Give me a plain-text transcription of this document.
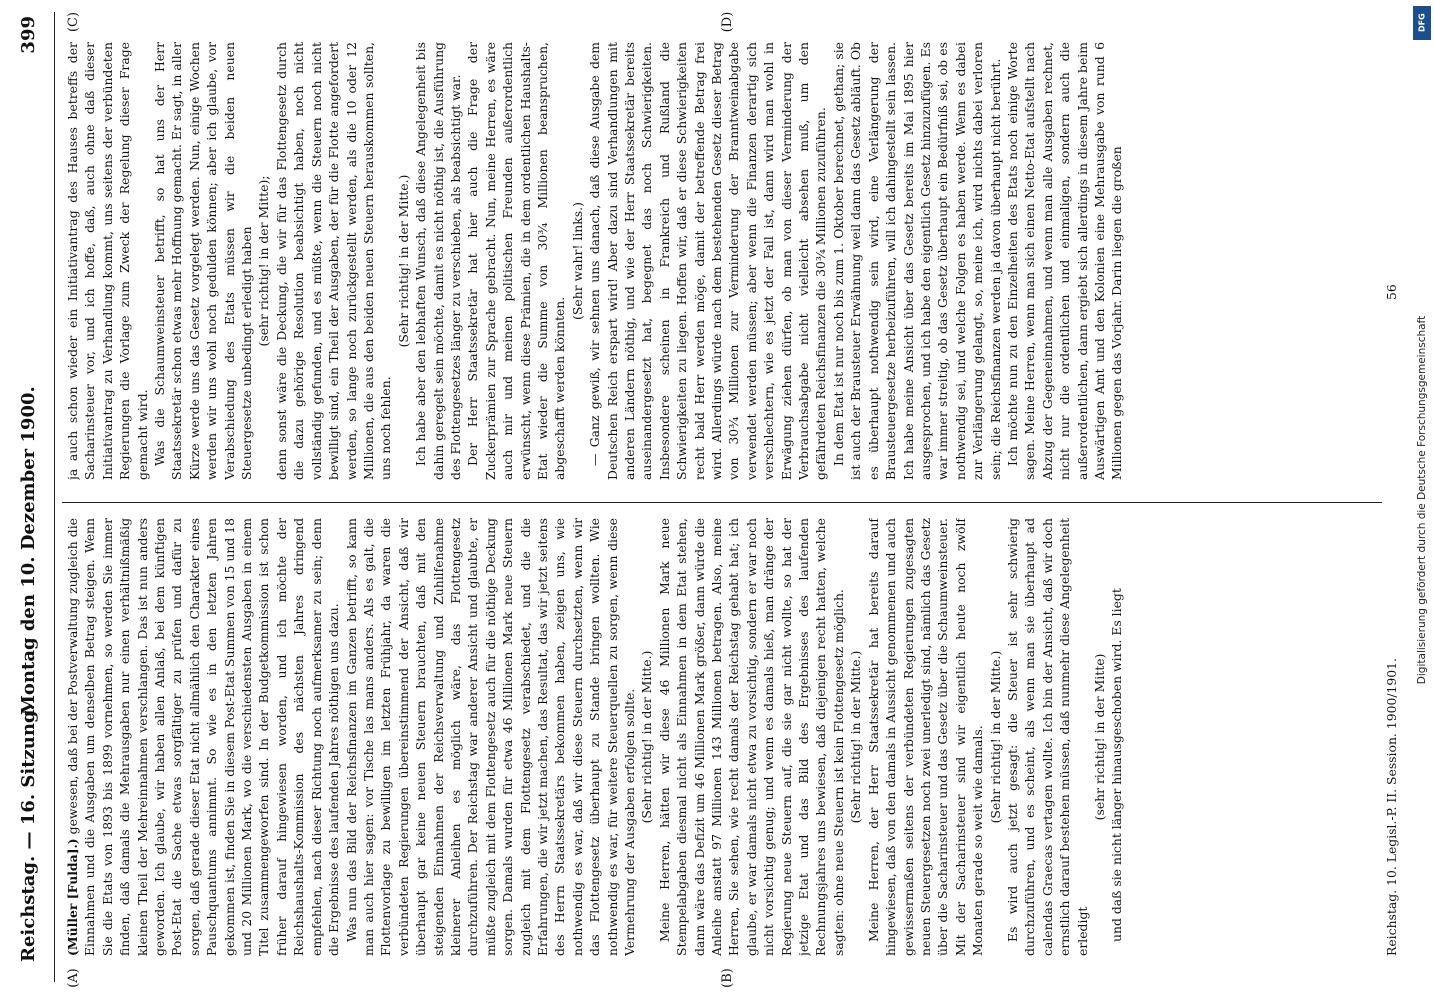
Reichstag. — 16. Sitzung.
Montag den 10. Dezember 1900.
399
(A)	(B)
(C)	(D)

(Müller [Fulda].) gewesen, daß bei der Postverwaltung zugleich die Einnahmen und die Ausgaben um denselben Betrag steigen. Wenn Sie die Etats von 1893 bis 1899 vornehmen, so werden Sie immer finden, daß damals die Mehrausgaben nur einen verhältnißmäßig kleinen Theil der Mehreinnahmen verschlangen. Das ist nun anders geworden. Ich glaube, wir haben allen Anlaß, bei dem künftigen Post-Etat die Sache etwas sorgfältiger zu prüfen und dafür zu sorgen, daß gerade dieser Etat nicht allmählich den Charakter eines Pauschquantums annimmt. So wie es in den letzten Jahren gekommen ist, finden Sie in diesem Post-Etat Summen von 15 und 18 und 20 Millionen Mark, wo die verschiedensten Ausgaben in einem Titel zusammengeworfen sind. In der Budgetkommission ist schon früher darauf hingewiesen worden, und ich möchte der Reichshaushalts-Kommission des nächsten Jahres dringend empfehlen, nach dieser Richtung noch aufmerksamer zu sein; denn die Ergebnisse des laufenden Jahres nöthigen uns dazu. Was nun das Bild der Reichsfinanzen im Ganzen betrifft, so kann man auch hier sagen: vor Tische las mans anders. Als es galt, die Flottenvorlage zu bewilligen im letzten Frühjahr, da waren die verbündeten Regierungen übereinstimmend der Ansicht, daß wir überhaupt gar keine neuen Steuern brauchten, daß mit den steigenden Einnahmen der Reichsverwaltung und Zuhilfenahme kleinerer Anleihen es möglich wäre, das Flottengesetz durchzuführen. Der Reichstag war anderer Ansicht und glaubte, er müßte zugleich mit dem Flottengesetz auch für die nöthige Deckung sorgen. Damals wurden für etwa 46 Millionen Mark neue Steuern zugleich mit dem Flottengesetz verabschiedet, und die die Erfahrungen, die wir jetzt machen, das Resultat, das wir jetzt seitens des Herrn Staatssekretärs bekommen haben, zeigen uns, wie nothwendig es war, daß wir diese Steuern durchsetzten, wenn wir das Flottengesetz überhaupt zu Stande bringen wollten. Wie nothwendig es war, für weitere Steuerquellen zu sorgen, wenn diese Vermehrung der Ausgaben erfolgen sollte. (Sehr richtig! in der Mitte.) Meine Herren, hätten wir diese 46 Millionen Mark neue Stempelabgaben diesmal nicht als Einnahmen in dem Etat stehen, dann wäre das Defizit um 46 Millionen Mark größer, dann würde die Anleihe anstatt 97 Millionen 143 Millionen betragen. Also, meine Herren, Sie sehen, wie recht damals der Reichstag gehabt hat; ich glaube, er war damals nicht etwa zu vorsichtig, sondern er war noch nicht vorsichtig genug; und wenn es damals hieß, man dränge der Regierung neue Steuern auf, die sie gar nicht wollte, so hat der jetzige Etat und das Bild des Ergebnisses des laufenden Rechnungsjahres uns bewiesen, daß diejenigen recht hatten, welche sagten: ohne neue Steuern ist kein Flottengesetz möglich. (Sehr richtig! in der Mitte.) Meine Herren, der Herr Staatssekretär hat bereits darauf hingewiesen, daß von den damals in Aussicht genommenen und auch gewissermaßen seitens der verbündeten Regierungen zugesagten neuen Steuergesetzen noch zwei unerledigt sind, nämlich das Gesetz über die Sacharinsteuer und das Gesetz über die Schaumweinsteuer. Mit der Sacharinsteuer sind wir eigentlich heute noch zwölf Monaten gerade so weit wie damals. (Sehr richtig! in der Mitte.) Es wird auch jetzt gesagt: die Steuer ist sehr schwierig durchzuführen, und es scheint, als wenn man sie überhaupt ad calendas Graecas vertagen wollte. Ich bin der Ansicht, daß wir doch ernstlich darauf bestehen müssen, daß nunmehr diese Angelegenheit erledigt

(sehr richtig! in der Mitte) und daß sie nicht länger hinausgeschoben wird. Es liegt

ja auch schon wieder ein Initiativantrag des Hauses betreffs der Sacharinsteuer vor, und ich hoffe, daß, auch ohne daß dieser Initiativantrag zu Verhandlung kommt, uns seitens der verbündeten Regierungen die Vorlage zum Zweck der Regelung dieser Frage gemacht wird. Was die Schaumweinsteuer betrifft, so hat uns der Herr Staatssekretär schon etwas mehr Hoffnung gemacht. Er sagt, in aller Kürze werde uns das Gesetz vorgelegt werden. Nun, einige Wochen werden wir uns wohl noch gedulden können; aber ich glaube, vor Verabschiedung des Etats müssen wir die beiden neuen Steuergesetze unbedingt erledigt haben (sehr richtig! in der Mitte); denn sonst wäre die Deckung, die wir für das Flottengesetz durch die dazu gehörige Resolution beabsichtigt haben, noch nicht vollständig gefunden, und es müßte, wenn die Steuern noch nicht bewilligt sind, ein Theil der Ausgaben, der für die Flotte angefordert werden, so lange noch zurückgestellt werden, als die 10 oder 12 Millionen, die aus den beiden neuen Steuern herauskommen sollten, uns noch fehlen.

(Sehr richtig! in der Mitte.) Ich habe aber den lebhaften Wunsch, daß diese Angelegenheit bis dahin geregelt sein möchte, damit es nicht nöthig ist, die Ausführung des Flottengesetzes länger zu verschieben, als beabsichtigt war. Der Herr Staatssekretär hat hier auch die Frage der Zuckerprämien zur Sprache gebracht. Nun, meine Herren, es wäre auch mir und meinen politischen Freunden außerordentlich erwünscht, wenn diese Prämien, die in dem ordentlichen Haushalts-Etat wieder die Summe von 30¾ Millionen beanspruchen, abgeschafft werden könnten.

(Sehr wahr! links.) — Ganz gewiß, wir sehnen uns danach, daß diese Ausgabe dem Deutschen Reich erspart wird! Aber dazu sind Verhandlungen mit anderen Ländern nöthig, und wie der Herr Staatssekretär bereits auseinandergesetzt hat, begegnet das noch Schwierigkeiten. Insbesondere scheinen in Frankreich und Rußland die Schwierigkeiten zu liegen. Hoffen wir, daß er diese Schwierigkeiten recht bald Herr werden möge, damit der betreffende Betrag frei wird. Allerdings würde nach dem bestehenden Gesetz dieser Betrag von 30¾ Millionen zur Verminderung der Branntweinabgabe verwendet werden müssen; aber wenn die Finanzen derartig sich verschlechtern, wie es jetzt der Fall ist, dann wird man wohl in Erwägung ziehen dürfen, ob man von dieser Verminderung der Verbrauchsabgabe nicht vielleicht absehen muß, um den gefährdeten Reichsfinanzen die 30¾ Millionen zuzuführen. In dem Etat ist nur noch bis zum 1. Oktober berechnet, gethan; sie ist auch der Brausteuer Erwähnung weil dann das Gesetz abläuft. Ob es überhaupt nothwendig sein wird, eine Verlängerung der Brausteuergesetze herbeizuführen, will ich dahingestellt sein lassen. Ich habe meine Ansicht über das Gesetz bereits im Mai 1895 hier ausgesprochen, und ich habe den eigentlich Gesetz hinzuzufügen. Es war immer streitig, ob das Gesetz überhaupt ein Bedürfniß sei, ob es nothwendig sei, und welche Folgen es haben werde. Wenn es dabei zur Verlängerung gelangt, so, meine ich, wird nichts dabei verloren sein; die Reichsfinanzen werden ja davon überhaupt nicht berührt. Ich möchte nun zu den Einzelheiten des Etats noch einige Worte sagen. Meine Herren, wenn man sich einen Netto-Etat aufstellt nach Abzug der Gegeneinnahmen, und wenn man alle Ausgaben rechnet, nicht nur die ordentlichen und einmaligen, sondern auch die außerordentlichen, dann ergiebt sich allerdings in diesem Jahre beim Auswärtigen Amt und den Kolonien eine Mehrausgabe von rund 6 Millionen gegen das Vorjahr. Darin liegen die großen

Reichstag. 10. Legisl.-P. II. Session. 1900/1901.
56
DFG
Digitalisierung gefördert durch die Deutsche Forschungsgemeinschaft
